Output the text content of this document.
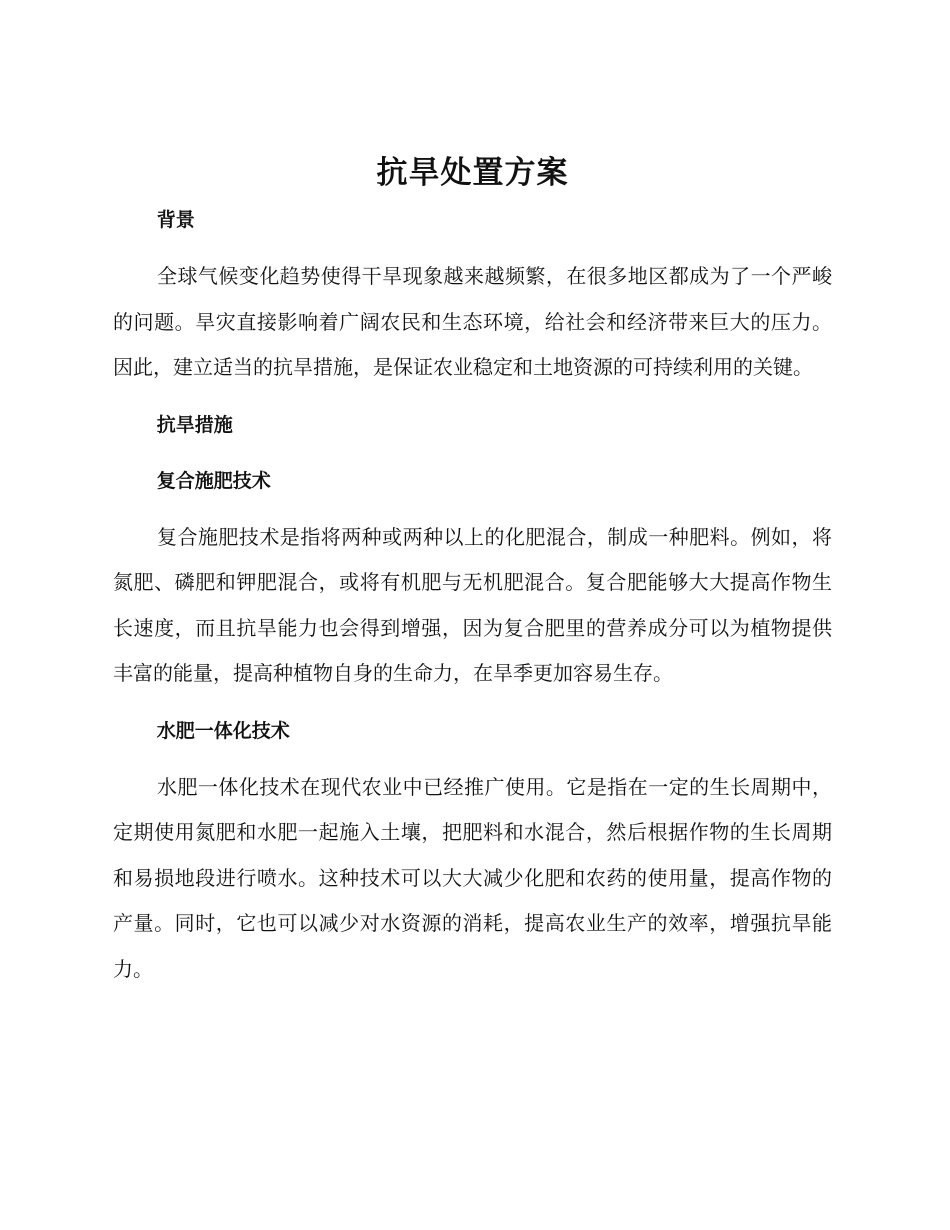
抗旱处置方案
背景

全球气候变化趋势使得干旱现象越来越频繁，在很多地区都成为了一个严峻的问题。旱灾直接影响着广阔农民和生态环境，给社会和经济带来巨大的压力。因此，建立适当的抗旱措施，是保证农业稳定和土地资源的可持续利用的关键。

抗旱措施
复合施肥技术

复合施肥技术是指将两种或两种以上的化肥混合，制成一种肥料。例如，将氮肥、磷肥和钾肥混合，或将有机肥与无机肥混合。复合肥能够大大提高作物生长速度，而且抗旱能力也会得到增强，因为复合肥里的营养成分可以为植物提供丰富的能量，提高种植物自身的生命力，在旱季更加容易生存。

水肥一体化技术

水肥一体化技术在现代农业中已经推广使用。它是指在一定的生长周期中，定期使用氮肥和水肥一起施入土壤，把肥料和水混合，然后根据作物的生长周期和易损地段进行喷水。这种技术可以大大减少化肥和农药的使用量，提高作物的产量。同时，它也可以减少对水资源的消耗，提高农业生产的效率，增强抗旱能力。
